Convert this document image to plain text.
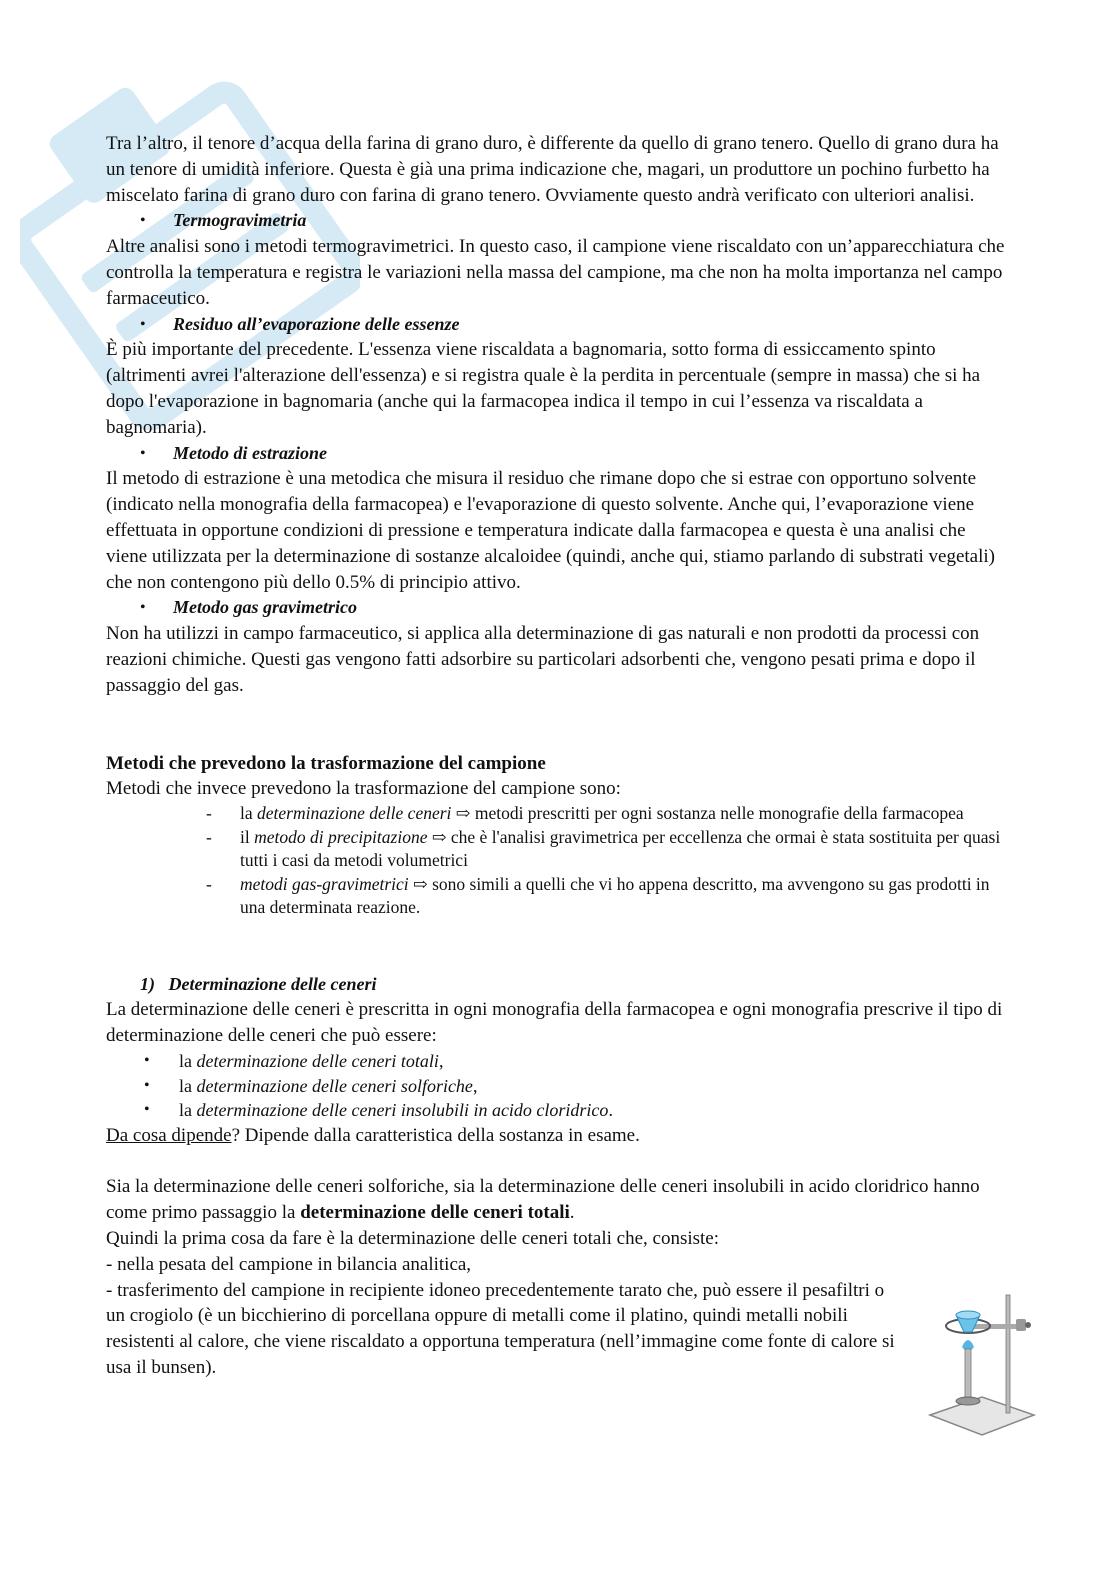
Tra l’altro, il tenore d’acqua della farina di grano duro, è differente da quello di grano tenero. Quello di grano dura ha un tenore di umidità inferiore. Questa è già una prima indicazione che, magari, un produttore un pochino furbetto ha miscelato farina di grano duro con farina di grano tenero. Ovviamente questo andrà verificato con ulteriori analisi.

• Termogravimetria

Altre analisi sono i metodi termogravimetrici. In questo caso, il campione viene riscaldato con un’apparecchiatura che controlla la temperatura e registra le variazioni nella massa del campione, ma che non ha molta importanza nel campo farmaceutico.

• Residuo all’evaporazione delle essenze

È più importante del precedente. L'essenza viene riscaldata a bagnomaria, sotto forma di essiccamento spinto (altrimenti avrei l'alterazione dell'essenza) e si registra quale è la perdita in percentuale (sempre in massa) che si ha dopo l'evaporazione in bagnomaria (anche qui la farmacopea indica il tempo in cui l’essenza va riscaldata a bagnomaria).

• Metodo di estrazione

Il metodo di estrazione è una metodica che misura il residuo che rimane dopo che si estrae con opportuno solvente (indicato nella monografia della farmacopea) e l'evaporazione di questo solvente. Anche qui, l’evaporazione viene effettuata in opportune condizioni di pressione e temperatura indicate dalla farmacopea e questa è una analisi che viene utilizzata per la determinazione di sostanze alcaloidee (quindi, anche qui, stiamo parlando di substrati vegetali) che non contengono più dello 0.5% di principio attivo.

• Metodo gas gravimetrico

Non ha utilizzi in campo farmaceutico, si applica alla determinazione di gas naturali e non prodotti da processi con reazioni chimiche. Questi gas vengono fatti adsorbire su particolari adsorbenti che, vengono pesati prima e dopo il passaggio del gas.

Metodi che prevedono la trasformazione del campione

Metodi che invece prevedono la trasformazione del campione sono:

- la determinazione delle ceneri ⇨ metodi prescritti per ogni sostanza nelle monografie della farmacopea

- il metodo di precipitazione ⇨ che è l'analisi gravimetrica per eccellenza che ormai è stata sostituita per quasi tutti i casi da metodi volumetrici

- metodi gas-gravimetrici ⇨ sono simili a quelli che vi ho appena descritto, ma avvengono su gas prodotti in una determinata reazione.

1) Determinazione delle ceneri

La determinazione delle ceneri è prescritta in ogni monografia della farmacopea e ogni monografia prescrive il tipo di determinazione delle ceneri che può essere:

• la determinazione delle ceneri totali,

• la determinazione delle ceneri solforiche,

• la determinazione delle ceneri insolubili in acido cloridrico.

Da cosa dipende? Dipende dalla caratteristica della sostanza in esame.

Sia la determinazione delle ceneri solforiche, sia la determinazione delle ceneri insolubili in acido cloridrico hanno come primo passaggio la determinazione delle ceneri totali.

Quindi la prima cosa da fare è la determinazione delle ceneri totali che, consiste:

- nella pesata del campione in bilancia analitica,

- trasferimento del campione in recipiente idoneo precedentemente tarato che, può essere il pesafiltri o un crogiolo (è un bicchierino di porcellana oppure di metalli come il platino, quindi metalli nobili resistenti al calore, che viene riscaldato a opportuna temperatura (nell’immagine come fonte di calore si usa il bunsen).
